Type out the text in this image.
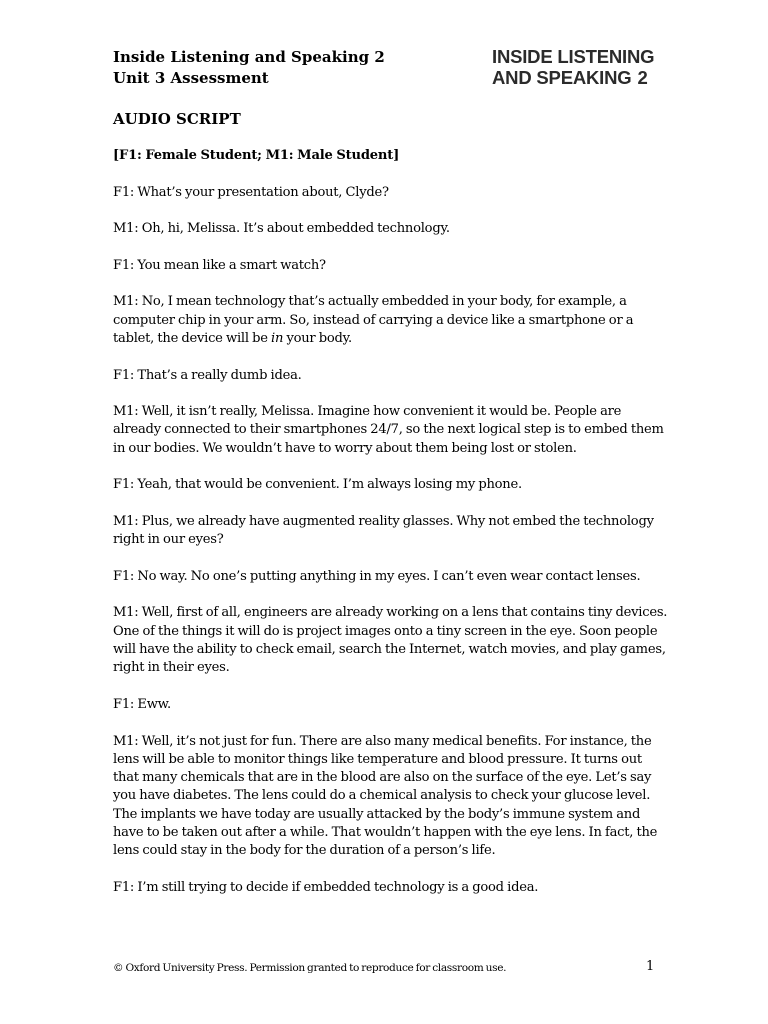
Inside Listening and Speaking 2
Unit 3 Assessment
INSIDE LISTENING
AND SPEAKING 2
AUDIO SCRIPT
[F1: Female Student; M1: Male Student]
F1: What’s your presentation about, Clyde?
M1: Oh, hi, Melissa. It’s about embedded technology.
F1: You mean like a smart watch?
M1: No, I mean technology that’s actually embedded in your body, for example, a
computer chip in your arm. So, instead of carrying a device like a smartphone or a
tablet, the device will be in your body.
F1: That’s a really dumb idea.
M1: Well, it isn’t really, Melissa. Imagine how convenient it would be. People are
already connected to their smartphones 24/7, so the next logical step is to embed them
in our bodies. We wouldn’t have to worry about them being lost or stolen.
F1: Yeah, that would be convenient. I’m always losing my phone.
M1: Plus, we already have augmented reality glasses. Why not embed the technology
right in our eyes?
F1: No way. No one’s putting anything in my eyes. I can’t even wear contact lenses.
M1: Well, first of all, engineers are already working on a lens that contains tiny devices.
One of the things it will do is project images onto a tiny screen in the eye. Soon people
will have the ability to check email, search the Internet, watch movies, and play games,
right in their eyes.
F1: Eww.
M1: Well, it’s not just for fun. There are also many medical benefits. For instance, the
lens will be able to monitor things like temperature and blood pressure. It turns out
that many chemicals that are in the blood are also on the surface of the eye. Let’s say
you have diabetes. The lens could do a chemical analysis to check your glucose level.
The implants we have today are usually attacked by the body’s immune system and
have to be taken out after a while. That wouldn’t happen with the eye lens. In fact, the
lens could stay in the body for the duration of a person’s life.
F1: I’m still trying to decide if embedded technology is a good idea.
© Oxford University Press. Permission granted to reproduce for classroom use.	1
